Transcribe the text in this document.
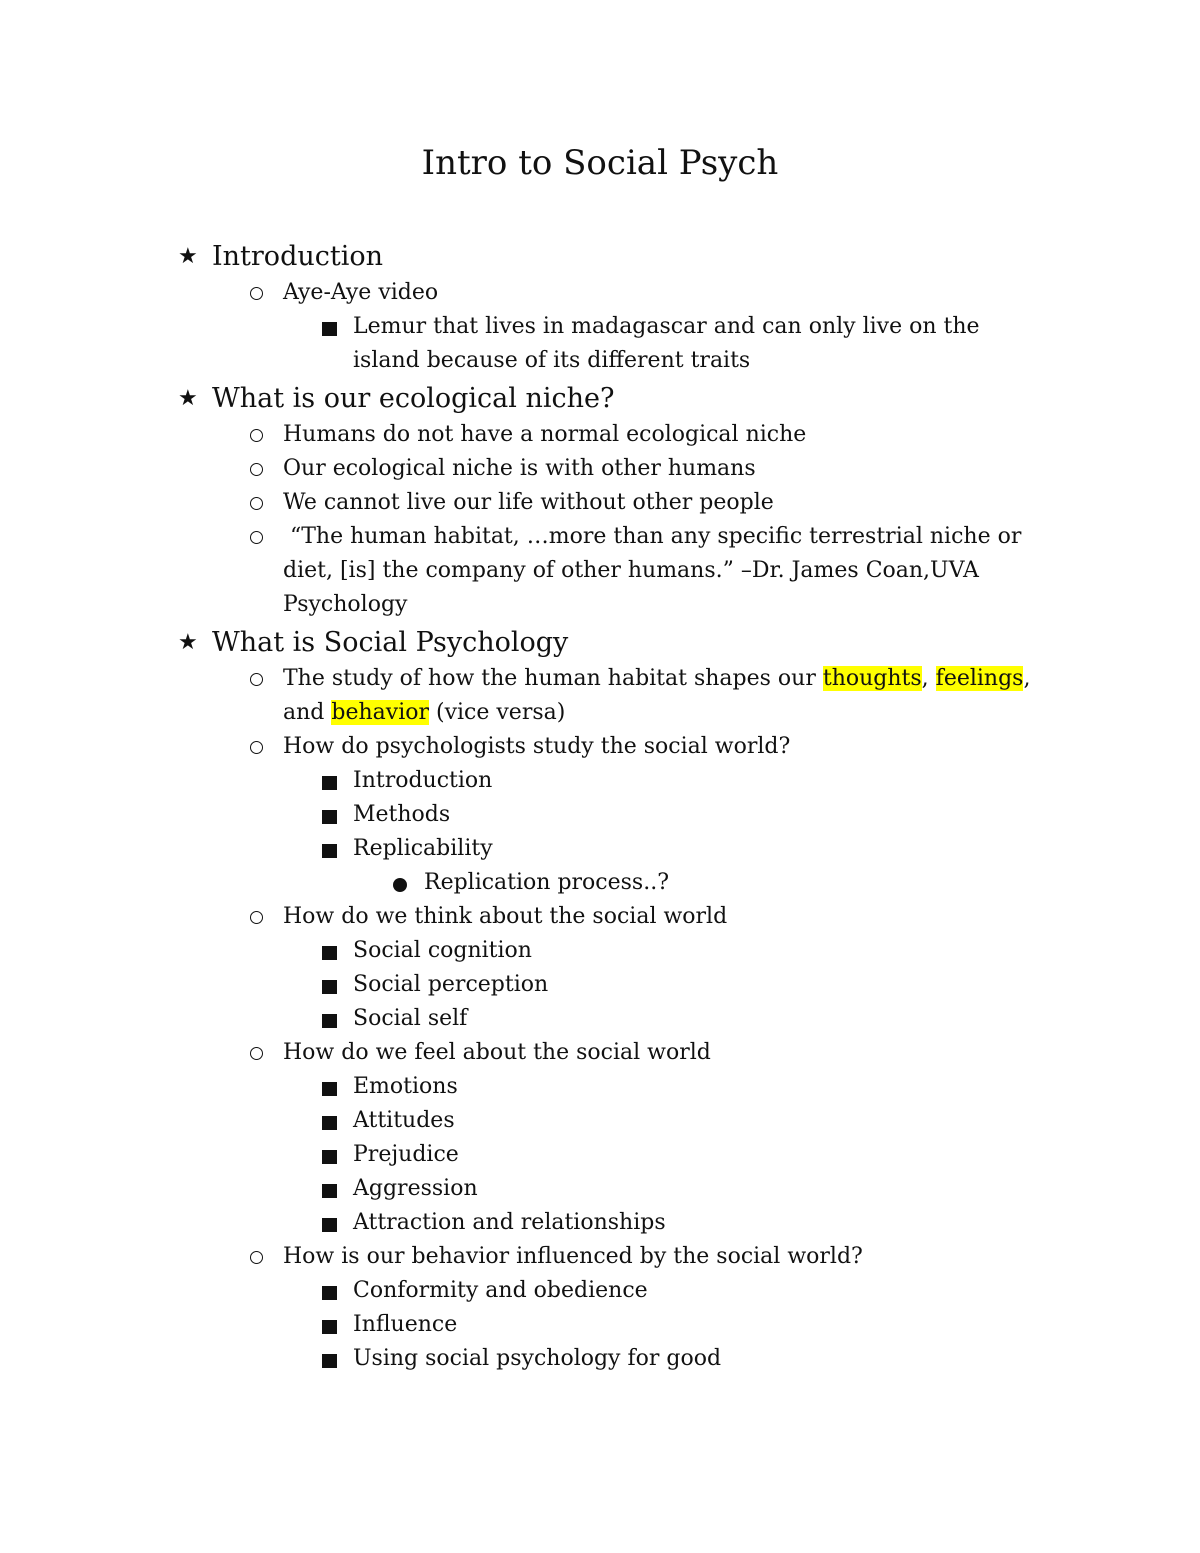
Intro to Social Psych
★ Introduction
Aye-Aye video
Lemur that lives in madagascar and can only live on the
island because of its different traits
★ What is our ecological niche?
Humans do not have a normal ecological niche
Our ecological niche is with other humans
We cannot live our life without other people
“The human habitat, …more than any specific terrestrial niche or
diet, [is] the company of other humans.” –Dr. James Coan,UVA
Psychology
★ What is Social Psychology
The study of how the human habitat shapes our thoughts, feelings,
and behavior (vice versa)
How do psychologists study the social world?
Introduction
Methods
Replicability
Replication process..?
How do we think about the social world
Social cognition
Social perception
Social self
How do we feel about the social world
Emotions
Attitudes
Prejudice
Aggression
Attraction and relationships
How is our behavior influenced by the social world?
Conformity and obedience
Influence
Using social psychology for good
